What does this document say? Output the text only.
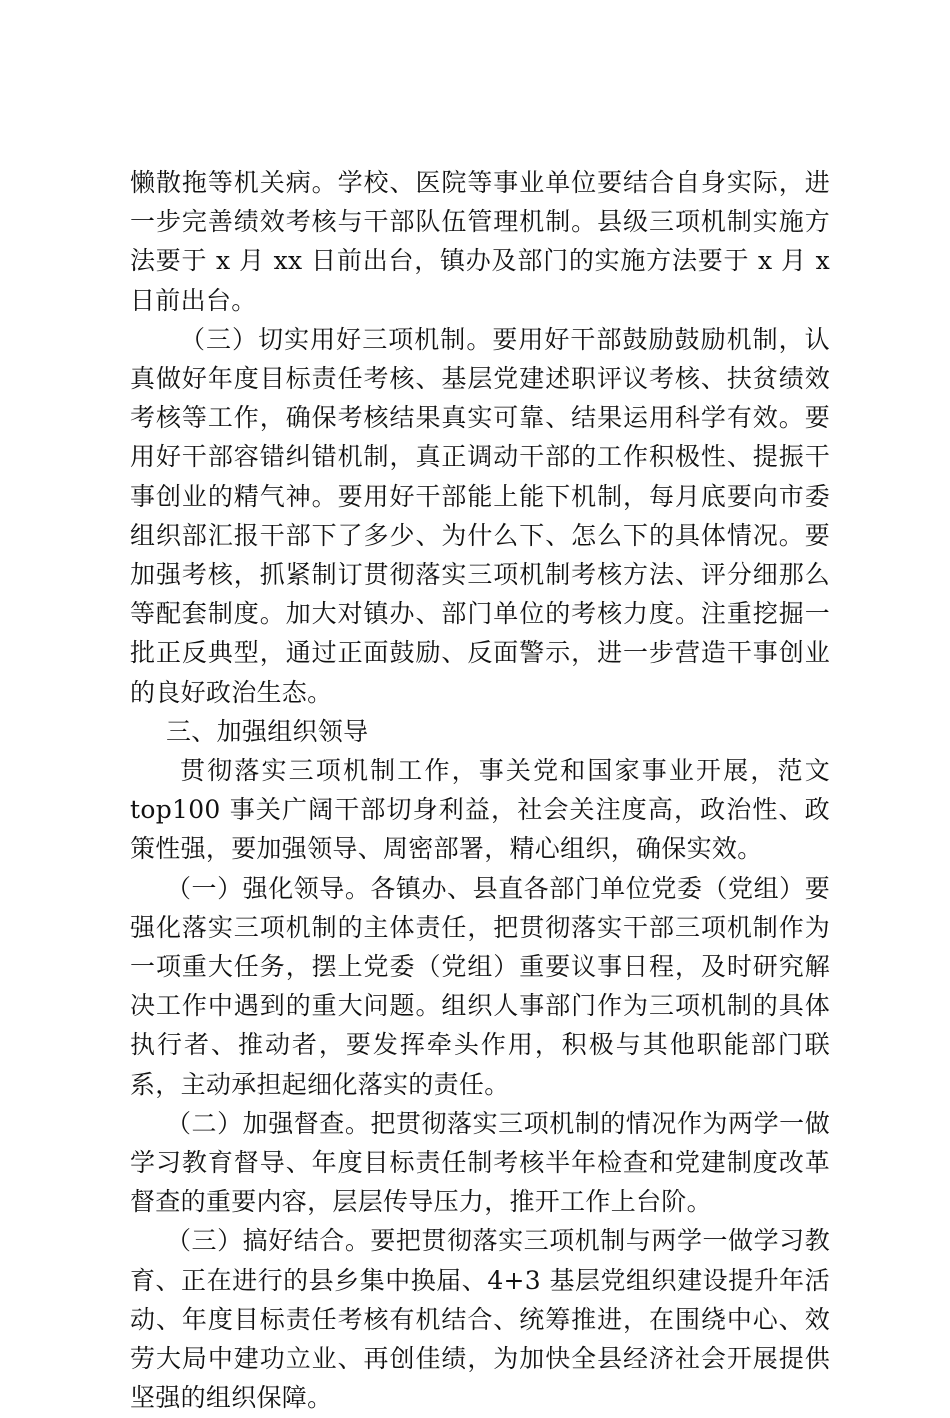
懒散拖等机关病。学校、医院等事业单位要结合自身实际，进一步完善绩效考核与干部队伍管理机制。县级三项机制实施方法要于 x 月 xx 日前出台，镇办及部门的实施方法要于 x 月 x 日前出台。

（三）切实用好三项机制。要用好干部鼓励鼓励机制，认真做好年度目标责任考核、基层党建述职评议考核、扶贫绩效考核等工作，确保考核结果真实可靠、结果运用科学有效。要用好干部容错纠错机制，真正调动干部的工作积极性、提振干事创业的精气神。要用好干部能上能下机制，每月底要向市委组织部汇报干部下了多少、为什么下、怎么下的具体情况。要加强考核，抓紧制订贯彻落实三项机制考核方法、评分细那么等配套制度。加大对镇办、部门单位的考核力度。注重挖掘一批正反典型，通过正面鼓励、反面警示，进一步营造干事创业的良好政治生态。

三、加强组织领导

贯彻落实三项机制工作，事关党和国家事业开展，范文top100 事关广阔干部切身利益，社会关注度高，政治性、政策性强，要加强领导、周密部署，精心组织，确保实效。

（一）强化领导。各镇办、县直各部门单位党委（党组）要强化落实三项机制的主体责任，把贯彻落实干部三项机制作为一项重大任务，摆上党委（党组）重要议事日程，及时研究解决工作中遇到的重大问题。组织人事部门作为三项机制的具体执行者、推动者，要发挥牵头作用，积极与其他职能部门联系，主动承担起细化落实的责任。

（二）加强督查。把贯彻落实三项机制的情况作为两学一做学习教育督导、年度目标责任制考核半年检查和党建制度改革督查的重要内容，层层传导压力，推开工作上台阶。

（三）搞好结合。要把贯彻落实三项机制与两学一做学习教育、正在进行的县乡集中换届、4+3 基层党组织建设提升年活动、年度目标责任考核有机结合、统筹推进，在围绕中心、效劳大局中建功立业、再创佳绩，为加快全县经济社会开展提供坚强的组织保障。
